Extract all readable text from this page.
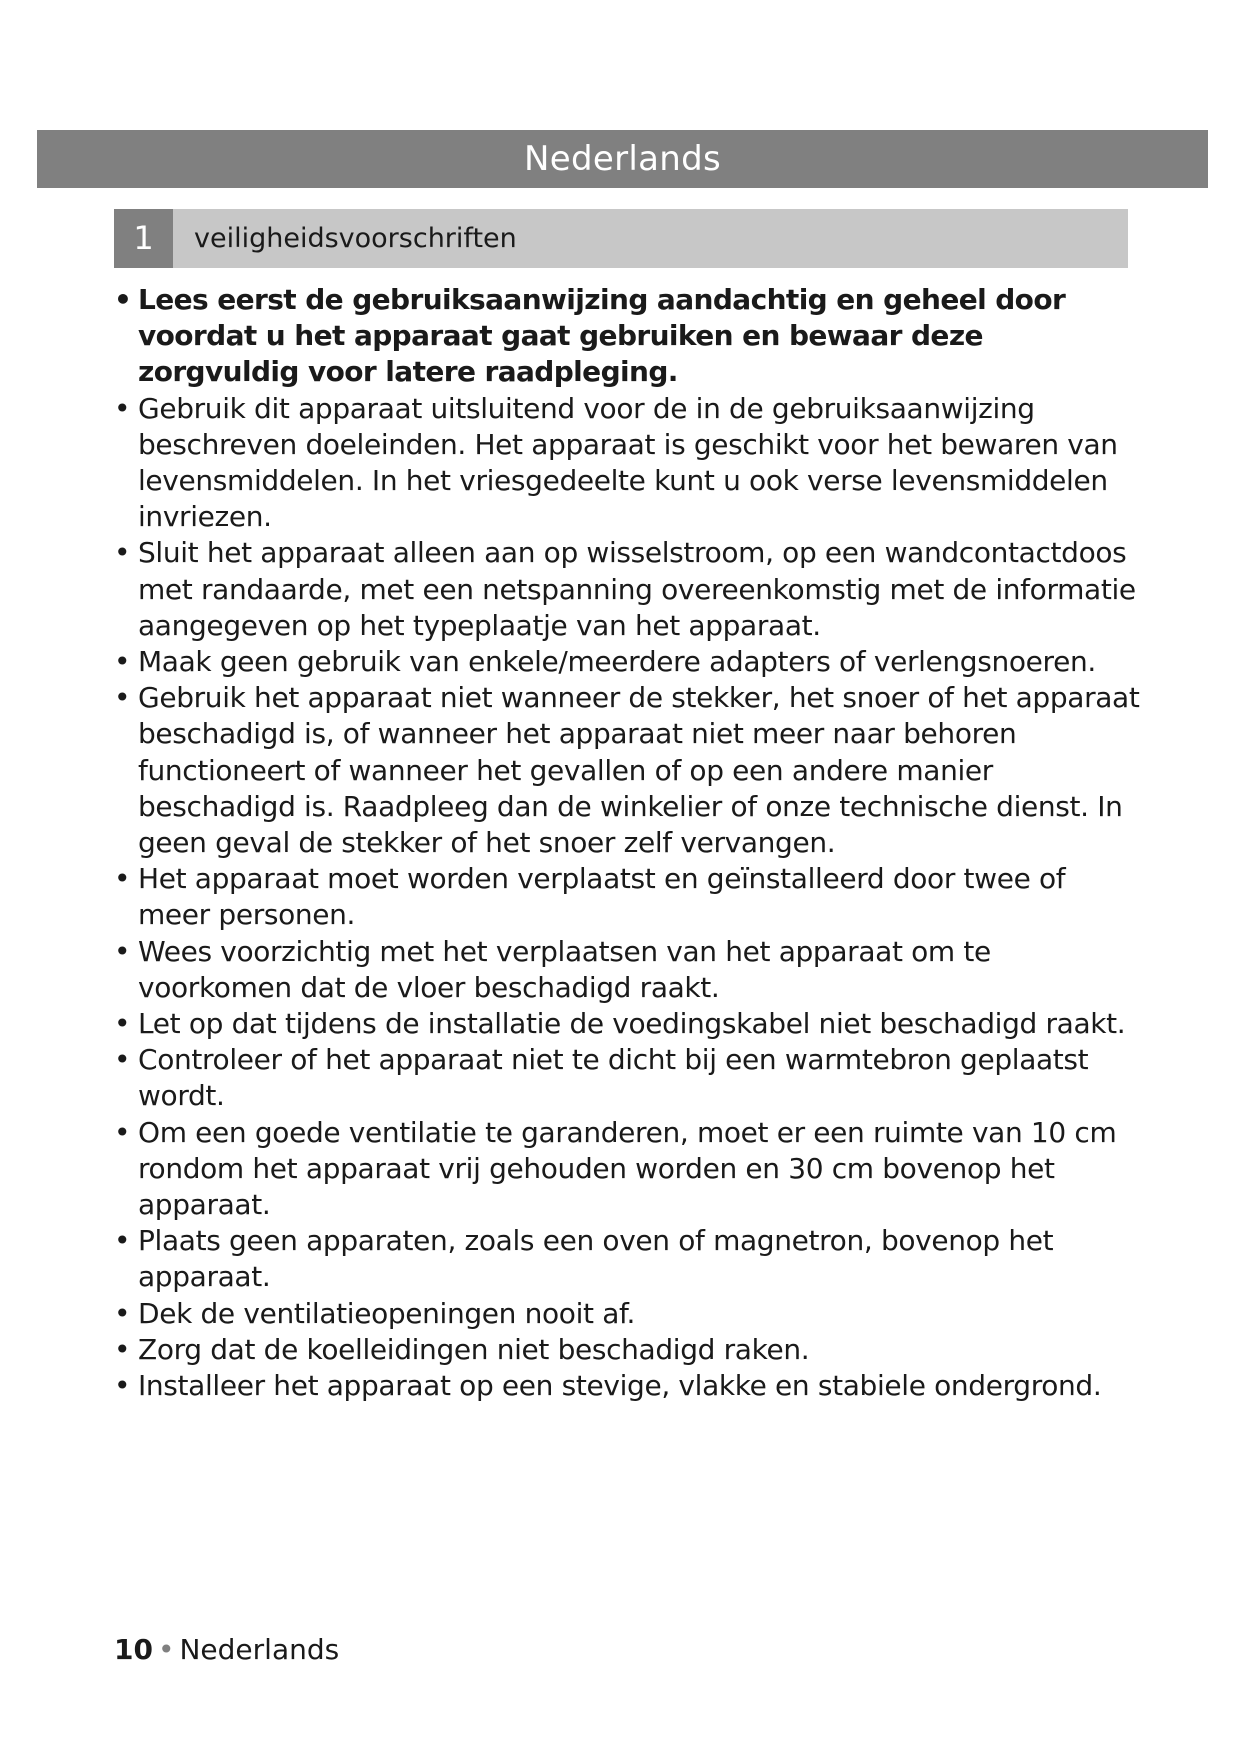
Nederlands
1	veiligheidsvoorschriften
• Lees eerst de gebruiksaanwijzing aandachtig en geheel door voordat u het apparaat gaat gebruiken en bewaar deze zorgvuldig voor latere raadpleging.
• Gebruik dit apparaat uitsluitend voor de in de gebruiksaanwijzing beschreven doeleinden. Het apparaat is geschikt voor het bewaren van levensmiddelen. In het vriesgedeelte kunt u ook verse levensmiddelen invriezen.
• Sluit het apparaat alleen aan op wisselstroom, op een wandcontactdoos met randaarde, met een netspanning overeenkomstig met de informatie aangegeven op het typeplaatje van het apparaat.
• Maak geen gebruik van enkele/meerdere adapters of verlengsnoeren.
• Gebruik het apparaat niet wanneer de stekker, het snoer of het apparaat beschadigd is, of wanneer het apparaat niet meer naar behoren functioneert of wanneer het gevallen of op een andere manier beschadigd is. Raadpleeg dan de winkelier of onze technische dienst. In geen geval de stekker of het snoer zelf vervangen.
• Het apparaat moet worden verplaatst en geïnstalleerd door twee of meer personen.
• Wees voorzichtig met het verplaatsen van het apparaat om te voorkomen dat de vloer beschadigd raakt.
• Let op dat tijdens de installatie de voedingskabel niet beschadigd raakt.
• Controleer of het apparaat niet te dicht bij een warmtebron geplaatst wordt.
• Om een goede ventilatie te garanderen, moet er een ruimte van 10 cm rondom het apparaat vrij gehouden worden en 30 cm bovenop het apparaat.
• Plaats geen apparaten, zoals een oven of magnetron, bovenop het apparaat.
• Dek de ventilatieopeningen nooit af.
• Zorg dat de koelleidingen niet beschadigd raken.
• Installeer het apparaat op een stevige, vlakke en stabiele ondergrond.
10 • Nederlands
